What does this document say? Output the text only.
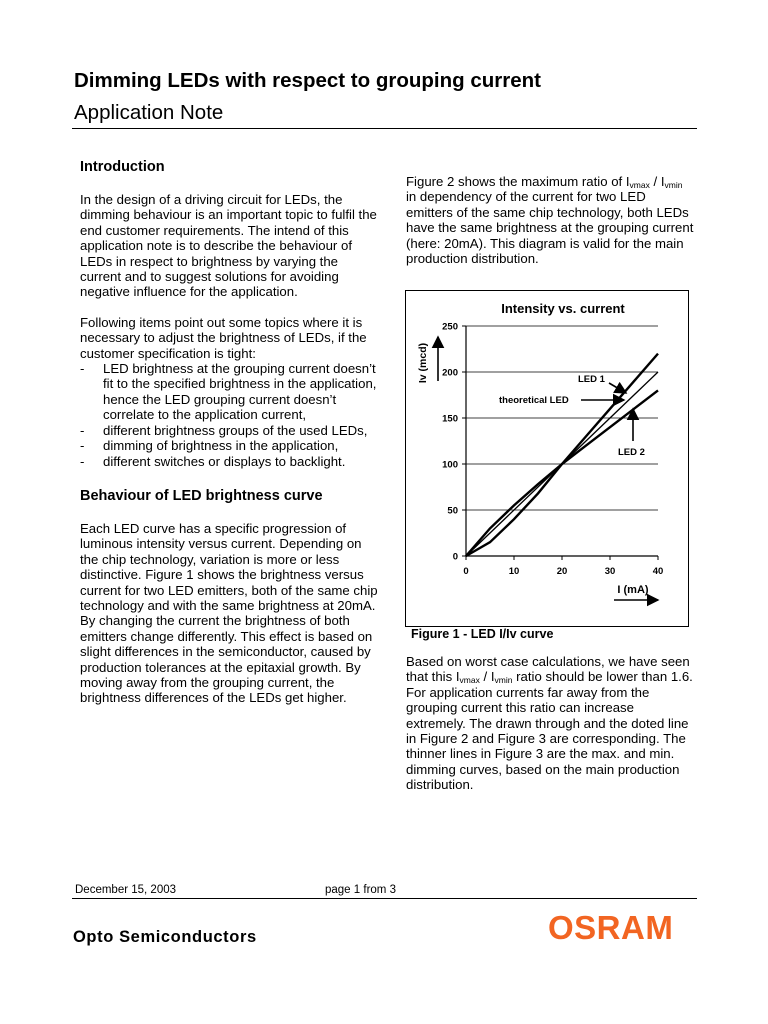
Dimming LEDs with respect to grouping current
Application Note
Introduction

In the design of a driving circuit for LEDs, the dimming behaviour is an important topic to fulfil the end customer requirements. The intend of this application note is to describe the behaviour of LEDs in respect to brightness by varying the current and to suggest solutions for avoiding negative influence for the application.

Following items point out some topics where it is necessary to adjust the brightness of LEDs, if the customer specification is tight:

- LED brightness at the grouping current doesn’t fit to the specified brightness in the application, hence the LED grouping current doesn’t correlate to the application current,
- different brightness groups of the used LEDs,
- dimming of brightness in the application,
- different switches or displays to backlight.
Behaviour of LED brightness curve

Each LED curve has a specific progression of luminous intensity versus current. Depending on the chip technology, variation is more or less distinctive. Figure 1 shows the brightness versus current for two LED emitters, both of the same chip technology and with the same brightness at 20mA. By changing the current the brightness of both emitters change differently. This effect is based on slight differences in the semiconductor, caused by production tolerances at the epitaxial growth. By moving away from the grouping current, the brightness differences of the LEDs get higher.

Figure 2 shows the maximum ratio of $I_{vmax} / I_{vmin}$ in dependency of the current for two LED emitters of the same chip technology, both LEDs have the same brightness at the grouping current (here: 20mA). This diagram is valid for the main production distribution.

Intensity vs. current
Iv (mcd)
I (mA)
0
50
100
150
200
250
0	10	20	30	40
LED 1
theoretical LED
LED 2
Figure 1 - LED I/Iv curve

Based on worst case calculations, we have seen that this $I_{vmax} / I_{vmin}$ ratio should be lower than 1.6. For application currents far away from the grouping current this ratio can increase extremely. The drawn through and the doted line in Figure 2 and Figure 3 are corresponding. The thinner lines in Figure 3 are the max. and min. dimming curves, based on the main production distribution.

December 15, 2003	page 1 from 3
Opto Semiconductors	OSRAM
